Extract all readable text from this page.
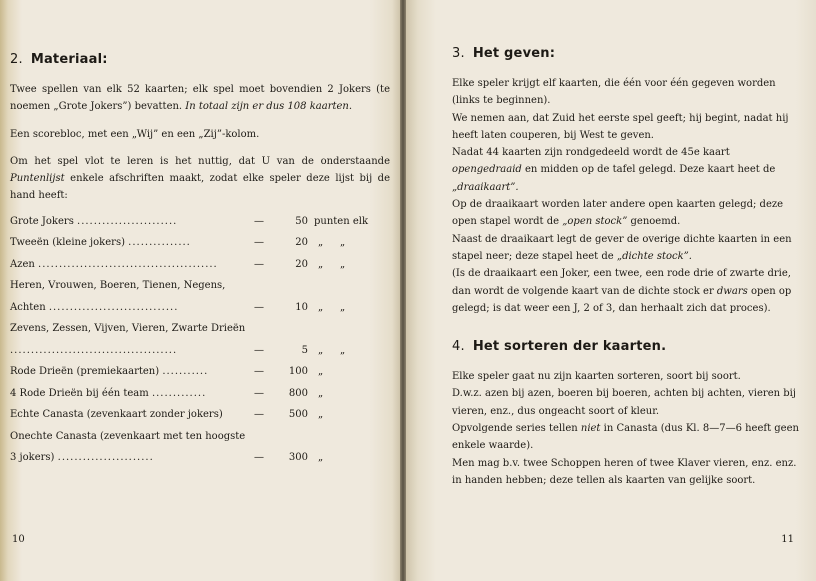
2. Materiaal:

Twee spellen van elk 52 kaarten; elk spel moet bovendien 2 Jokers (te noemen „Grote Jokers”) bevatten. In totaal zijn er dus 108 kaarten.

Een scorebloc, met een „Wij” en een „Zij”-kolom.

Om het spel vlot te leren is het nuttig, dat U van de onderstaande Puntenlijst enkele afschriften maakt, zodat elke speler deze lijst bij de hand heeft:

Grote Jokers ........................	—	50 punten elk
Tweeën (kleine jokers) ...............	—	20 „ „
Azen ...........................................	—	20 „ „
Heren, Vrouwen, Boeren, Tienen, Negens, Achten ...............................	—	10 „ „
Zevens, Zessen, Vijven, Vieren, Zwarte Drieën ........................................	—	5 „ „
Rode Drieën (premiekaarten) ...........	—	100 „
4 Rode Drieën bij één team .............	—	800 „
Echte Canasta (zevenkaart zonder jokers)	—	500 „
Onechte Canasta (zevenkaart met ten hoogste 3 jokers) .......................	—	300 „
10
3. Het geven:

Elke speler krijgt elf kaarten, die één voor één gegeven worden (links te beginnen).

We nemen aan, dat Zuid het eerste spel geeft; hij begint, nadat hij heeft laten couperen, bij West te geven.

Nadat 44 kaarten zijn rondgedeeld wordt de 45e kaart opengedraaid en midden op de tafel gelegd. Deze kaart heet de „draaikaart”.

Op de draaikaart worden later andere open kaarten gelegd; deze open stapel wordt de „open stock” genoemd.

Naast de draaikaart legt de gever de overige dichte kaarten in een stapel neer; deze stapel heet de „dichte stock”.

(Is de draaikaart een Joker, een twee, een rode drie of zwarte drie, dan wordt de volgende kaart van de dichte stock er dwars open op gelegd; is dat weer een J, 2 of 3, dan herhaalt zich dat proces).

4. Het sorteren der kaarten.

Elke speler gaat nu zijn kaarten sorteren, soort bij soort.

D.w.z. azen bij azen, boeren bij boeren, achten bij achten, vieren bij vieren, enz., dus ongeacht soort of kleur.

Opvolgende series tellen niet in Canasta (dus Kl. 8—7—6 heeft geen enkele waarde).

Men mag b.v. twee Schoppen heren of twee Klaver vieren, enz. enz. in handen hebben; deze tellen als kaarten van gelijke soort.

11
